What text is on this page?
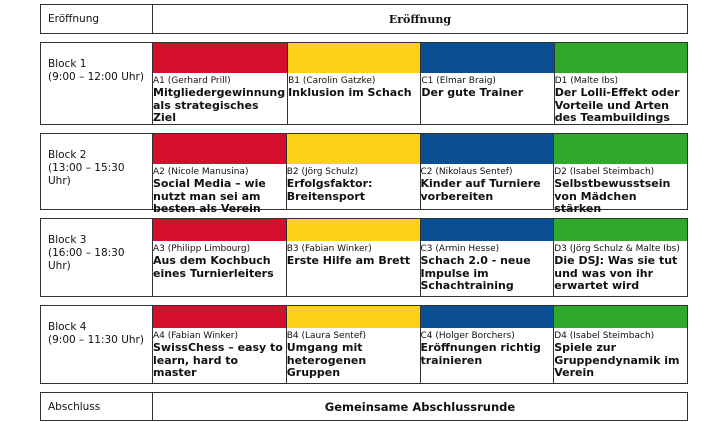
Eröffnung	Eröffnung
Block 1
(9:00 – 12:00 Uhr) A1 (Gerhard Prill)
Mitgliedergewinnung als strategisches Ziel
B1 (Carolin Gatzke)
Inklusion im Schach
C1 (Elmar Braig)
Der gute Trainer
D1 (Malte Ibs)
Der Lolli-Effekt oder Vorteile und Arten des Teambuildings
Block 2
(13:00 – 15:30 Uhr)
A2 (Nicole Manusina)
Social Media – wie nutzt man sei am besten als Verein
B2 (Jörg Schulz)
Erfolgsfaktor: Breitensport
C2 (Nikolaus Sentef)
Kinder auf Turniere vorbereiten
D2 (Isabel Steimbach)
Selbstbewusstsein von Mädchen stärken
Block 3
(16:00 – 18:30 Uhr)
A3 (Philipp Limbourg)
Aus dem Kochbuch eines Turnierleiters
B3 (Fabian Winker)
Erste Hilfe am Brett
C3 (Armin Hesse)
Schach 2.0 - neue Impulse im Schachtraining
D3 (Jörg Schulz & Malte Ibs)
Die DSJ: Was sie tut und was von ihr erwartet wird
Block 4
(9:00 – 11:30 Uhr) A4 (Fabian Winker)
SwissChess – easy to learn, hard to master
B4 (Laura Sentef)
Umgang mit heterogenen Gruppen
C4 (Holger Borchers)
Eröffnungen richtig trainieren
D4 (Isabel Steimbach)
Spiele zur Gruppendynamik im Verein
Abschluss	Gemeinsame Abschlussrunde
